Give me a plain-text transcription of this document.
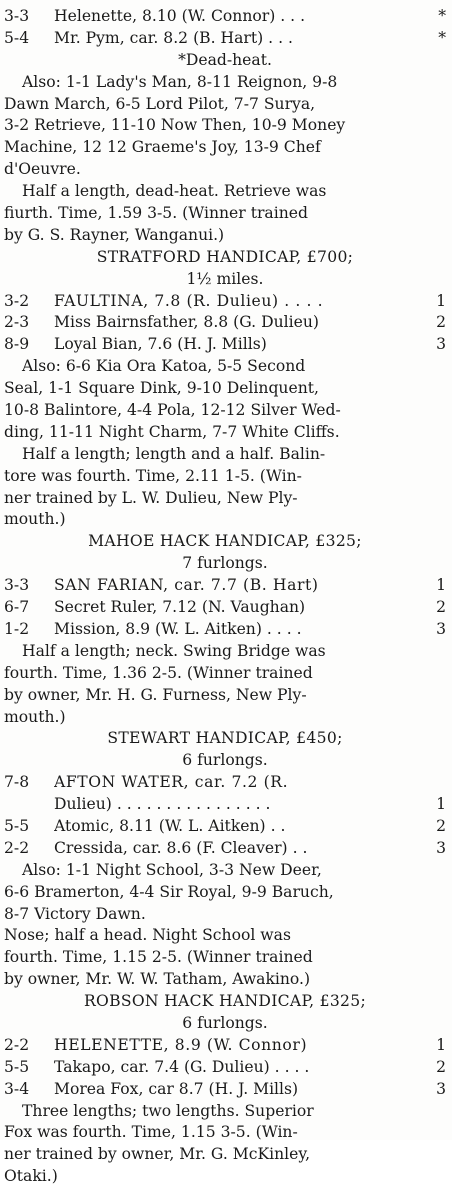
3-3	Helenette, 8.10 (W. Connor) . . .	*
5-4	Mr. Pym, car. 8.2 (B. Hart) . . .	*
*Dead-heat.
Also: 1-1 Lady's Man, 8-11 Reignon, 9-8
Dawn March, 6-5 Lord Pilot, 7-7 Surya,
3-2 Retrieve, 11-10 Now Then, 10-9 Money
Machine, 12 12 Graeme's Joy, 13-9 Chef
d'Oeuvre.
Half a length, dead-heat. Retrieve was
fiurth. Time, 1.59 3-5. (Winner trained
by G. S. Rayner, Wanganui.)
STRATFORD HANDICAP, £700;
1½ miles.
3-2	FAULTINA, 7.8 (R. Dulieu) . . . .	1
2-3	Miss Bairnsfather, 8.8 (G. Dulieu)	2
8-9	Loyal Bian, 7.6 (H. J. Mills)	3
Also: 6-6 Kia Ora Katoa, 5-5 Second
Seal, 1-1 Square Dink, 9-10 Delinquent,
10-8 Balintore, 4-4 Pola, 12-12 Silver Wed-
ding, 11-11 Night Charm, 7-7 White Cliffs.
Half a length; length and a half. Balin-
tore was fourth. Time, 2.11 1-5. (Win-
ner trained by L. W. Dulieu, New Ply-
mouth.)
MAHOE HACK HANDICAP, £325;
7 furlongs.
3-3	SAN FARIAN, car. 7.7 (B. Hart)	1
6-7	Secret Ruler, 7.12 (N. Vaughan)	2
1-2	Mission, 8.9 (W. L. Aitken) . . . .	3
Half a length; neck. Swing Bridge was
fourth. Time, 1.36 2-5. (Winner trained
by owner, Mr. H. G. Furness, New Ply-
mouth.)
STEWART HANDICAP, £450;
6 furlongs.
7-8	AFTON WATER, car. 7.2 (R.
Dulieu) . . . . . . . . . . . . . . . .	1
5-5	Atomic, 8.11 (W. L. Aitken) . .	2
2-2	Cressida, car. 8.6 (F. Cleaver) . .	3
Also: 1-1 Night School, 3-3 New Deer,
6-6 Bramerton, 4-4 Sir Royal, 9-9 Baruch,
8-7 Victory Dawn.
Nose; half a head. Night School was
fourth. Time, 1.15 2-5. (Winner trained
by owner, Mr. W. W. Tatham, Awakino.)
ROBSON HACK HANDICAP, £325;
6 furlongs.
2-2	HELENETTE, 8.9 (W. Connor)	1
5-5	Takapo, car. 7.4 (G. Dulieu) . . . .	2
3-4	Morea Fox, car 8.7 (H. J. Mills)	3
Three lengths; two lengths. Superior
Fox was fourth. Time, 1.15 3-5. (Win-
ner trained by owner, Mr. G. McKinley,
Otaki.)
